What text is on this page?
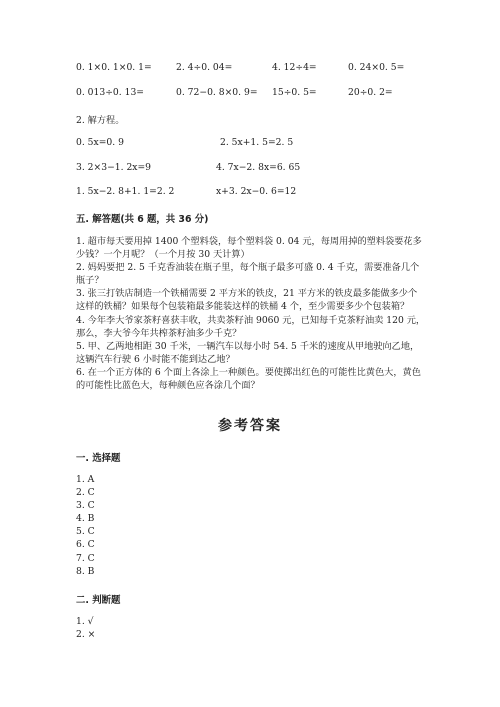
0. 1×0. 1×0. 1=	2. 4÷0. 04=	4. 12÷4=	0. 24×0. 5=
0. 013÷0. 13=	0. 72−0. 8×0. 9= 15÷0. 5=	20÷0. 2=
2. 解方程。
0. 5x=0. 9	2. 5x+1. 5=2. 5
3. 2×3−1. 2x=9	4. 7x−2. 8x=6. 65
1. 5x−2. 8+1. 1=2. 2	x+3. 2x−0. 6=12
五. 解答题(共 6 题，共 36 分)
1. 超市每天要用掉 1400 个塑料袋，每个塑料袋 0. 04 元，每周用掉的塑料袋要花多少钱？一个月呢？（一个月按 30 天计算）
2. 妈妈要把 2. 5 千克香油装在瓶子里，每个瓶子最多可盛 0. 4 千克，需要准备几个瓶子？
3. 张三打铁店制造一个铁桶需要 2 平方米的铁皮，21 平方米的铁皮最多能做多少个这样的铁桶？如果每个包装箱最多能装这样的铁桶 4 个，至少需要多少个包装箱？
4. 今年李大爷家茶籽喜获丰收，共卖茶籽油 9060 元，已知每千克茶籽油卖 120 元，那么，李大爷今年共榨茶籽油多少千克？
5. 甲、乙两地相距 30 千米，一辆汽车以每小时 54. 5 千米的速度从甲地驶向乙地，这辆汽车行驶 6 小时能不能到达乙地？
6. 在一个正方体的 6 个面上各涂上一种颜色。要使掷出红色的可能性比黄色大，黄色的可能性比蓝色大，每种颜色应各涂几个面？
参考答案
一. 选择题
1. A
2. C
3. C
4. B
5. C
6. C
7. C
8. B
二. 判断题
1. √
2. ×
